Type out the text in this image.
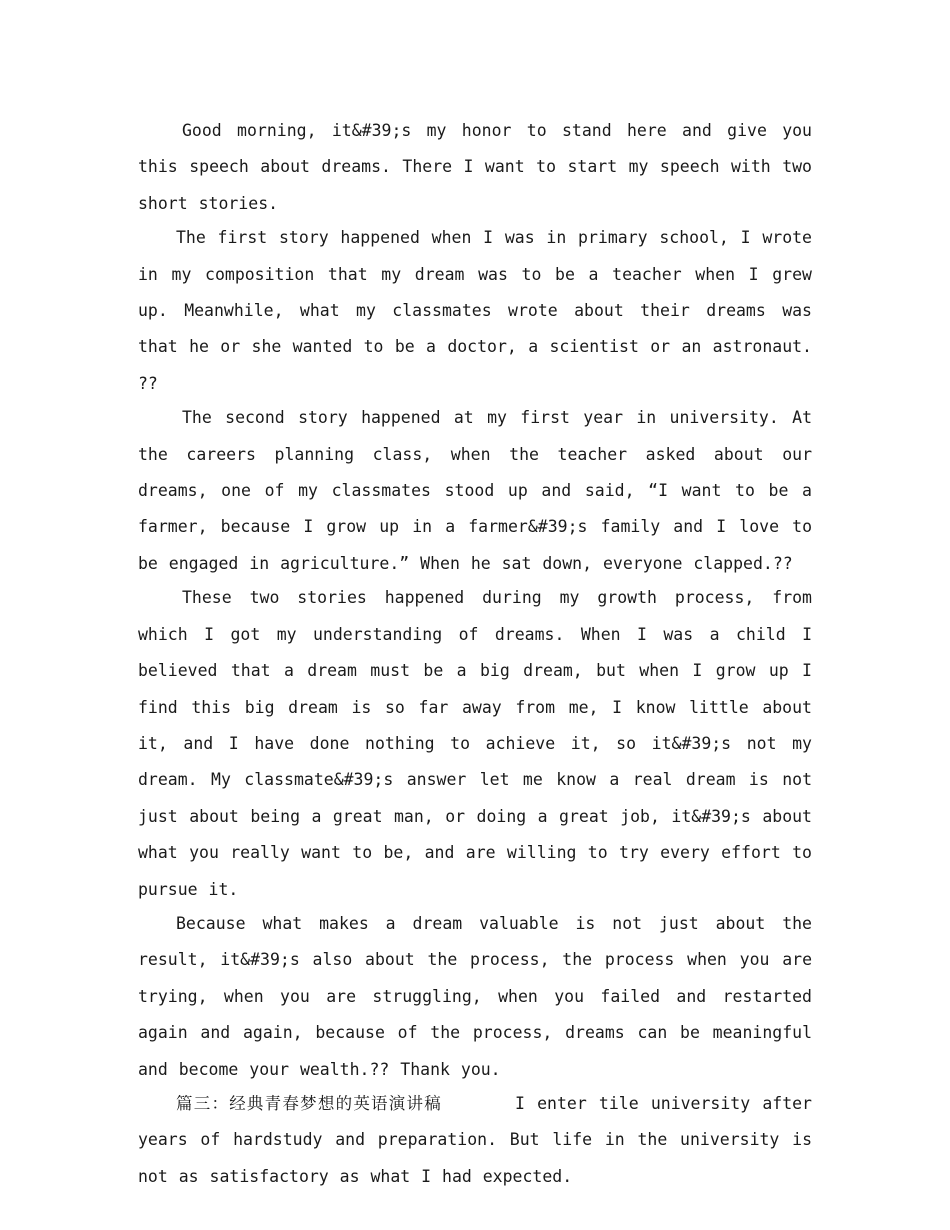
Good morning, it&#39;s my honor to stand here and give you this speech about dreams. There I want to start my speech with two short stories.

The first story happened when I was in primary school, I wrote in my composition that my dream was to be a teacher when I grew up. Meanwhile, what my classmates wrote about their dreams was that he or she wanted to be a doctor, a scientist or an astronaut. ??

The second story happened at my first year in university. At the careers planning class, when the teacher asked about our dreams, one of my classmates stood up and said, “I want to be a farmer, because I grow up in a farmer&#39;s family and I love to be engaged in agriculture.” When he sat down, everyone clapped.??

These two stories happened during my growth process, from which I got my understanding of dreams. When I was a child I believed that a dream must be a big dream, but when I grow up I find this big dream is so far away from me, I know little about it, and I have done nothing to achieve it, so it&#39;s not my dream. My classmate&#39;s answer let me know a real dream is not just about being a great man, or doing a great job, it&#39;s about what you really want to be, and are willing to try every effort to pursue it.

Because what makes a dream valuable is not just about the result, it&#39;s also about the process, the process when you are trying, when you are struggling, when you failed and restarted again and again, because of the process, dreams can be meaningful and become your wealth.?? Thank you.

篇三：经典青春梦想的英语演讲稿	I enter tile university after years of hardstudy and preparation. But life in the university is not as satisfactory as what I had expected.
